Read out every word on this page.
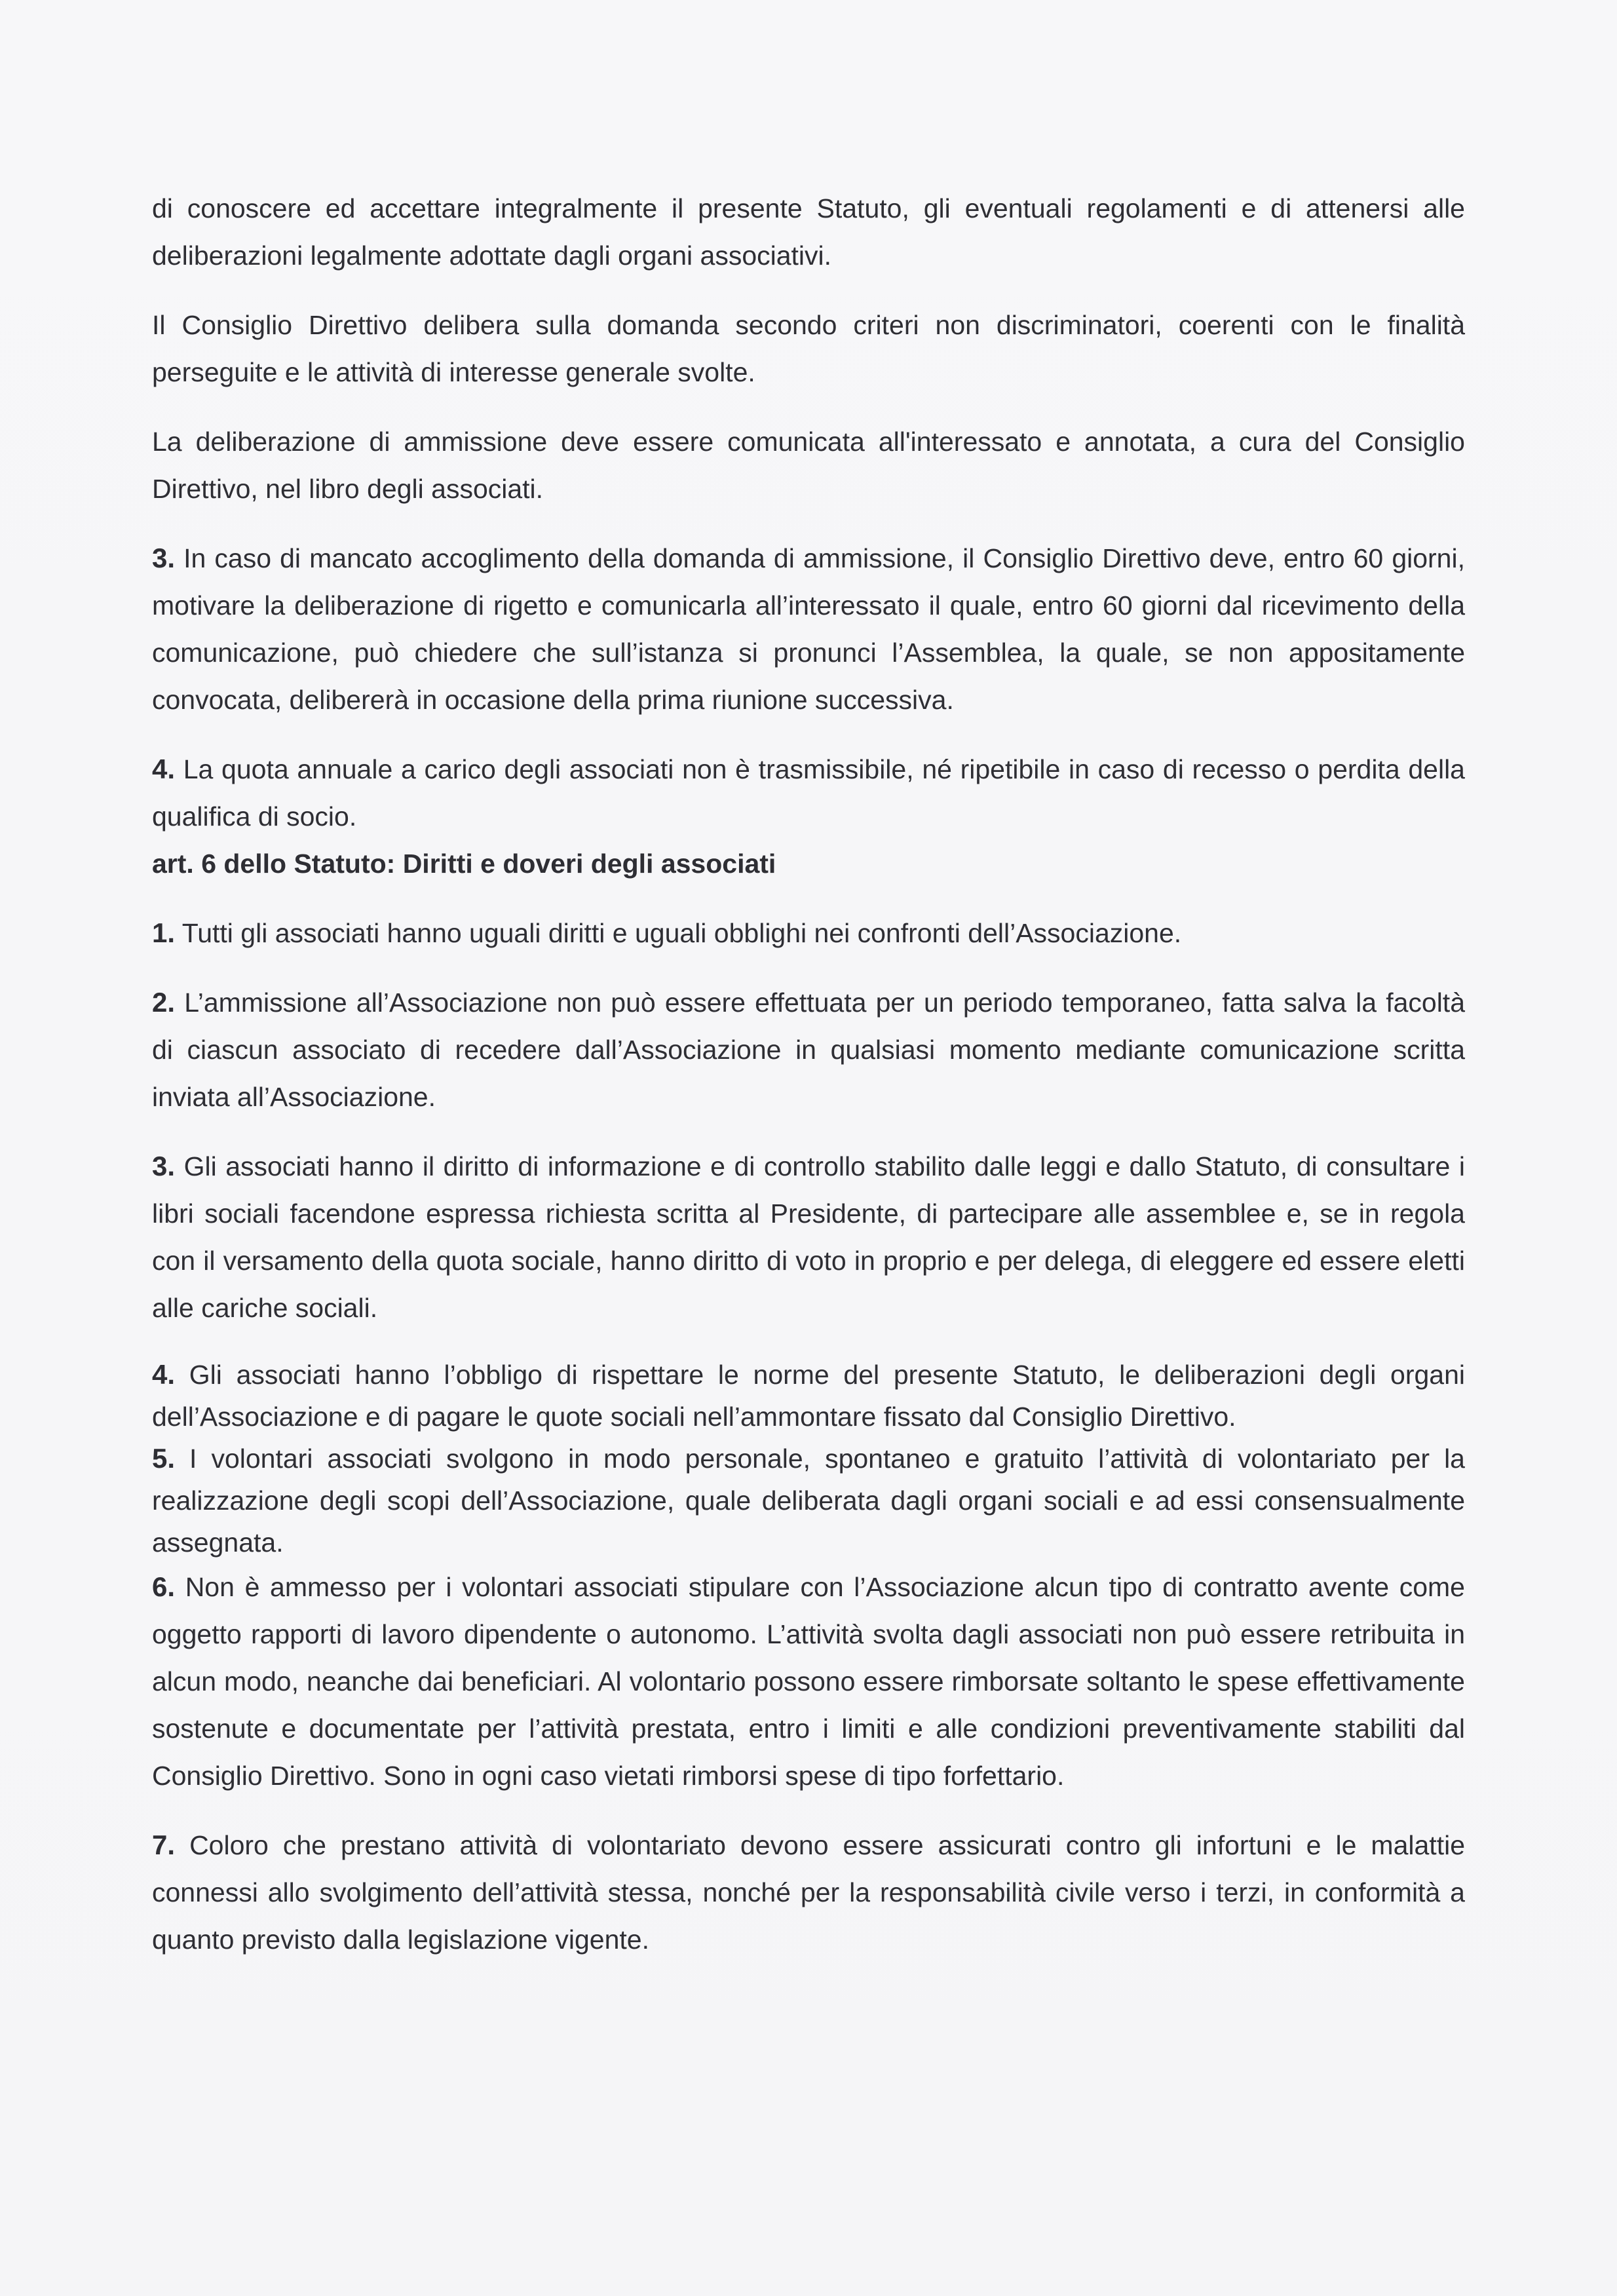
di conoscere ed accettare integralmente il presente Statuto, gli eventuali regolamenti e di attenersi alle deliberazioni legalmente adottate dagli organi associativi.

Il Consiglio Direttivo delibera sulla domanda secondo criteri non discriminatori, coerenti con le finalità perseguite e le attività di interesse generale svolte.

La deliberazione di ammissione deve essere comunicata all'interessato e annotata, a cura del Consiglio Direttivo, nel libro degli associati.

3. In caso di mancato accoglimento della domanda di ammissione, il Consiglio Direttivo deve, entro 60 giorni, motivare la deliberazione di rigetto e comunicarla all’interessato il quale, entro 60 giorni dal ricevimento della comunicazione, può chiedere che sull’istanza si pronunci l’Assemblea, la quale, se non appositamente convocata, delibererà in occasione della prima riunione successiva.

4. La quota annuale a carico degli associati non è trasmissibile, né ripetibile in caso di recesso o perdita della qualifica di socio.

art. 6 dello Statuto: Diritti e doveri degli associati

1. Tutti gli associati hanno uguali diritti e uguali obblighi nei confronti dell’Associazione.

2. L’ammissione all’Associazione non può essere effettuata per un periodo temporaneo, fatta salva la facoltà di ciascun associato di recedere dall’Associazione in qualsiasi momento mediante comunicazione scritta inviata all’Associazione.

3. Gli associati hanno il diritto di informazione e di controllo stabilito dalle leggi e dallo Statuto, di consultare i libri sociali facendone espressa richiesta scritta al Presidente, di partecipare alle assemblee e, se in regola con il versamento della quota sociale, hanno diritto di voto in proprio e per delega, di eleggere ed essere eletti alle cariche sociali.

4. Gli associati hanno l’obbligo di rispettare le norme del presente Statuto, le deliberazioni degli organi dell’Associazione e di pagare le quote sociali nell’ammontare fissato dal Consiglio Direttivo.

5. I volontari associati svolgono in modo personale, spontaneo e gratuito l’attività di volontariato per la realizzazione degli scopi dell’Associazione, quale deliberata dagli organi sociali e ad essi consensualmente assegnata.

6. Non è ammesso per i volontari associati stipulare con l’Associazione alcun tipo di contratto avente come oggetto rapporti di lavoro dipendente o autonomo. L’attività svolta dagli associati non può essere retribuita in alcun modo, neanche dai beneficiari. Al volontario possono essere rimborsate soltanto le spese effettivamente sostenute e documentate per l’attività prestata, entro i limiti e alle condizioni preventivamente stabiliti dal Consiglio Direttivo. Sono in ogni caso vietati rimborsi spese di tipo forfettario.

7. Coloro che prestano attività di volontariato devono essere assicurati contro gli infortuni e le malattie connessi allo svolgimento dell’attività stessa, nonché per la responsabilità civile verso i terzi, in conformità a quanto previsto dalla legislazione vigente.
